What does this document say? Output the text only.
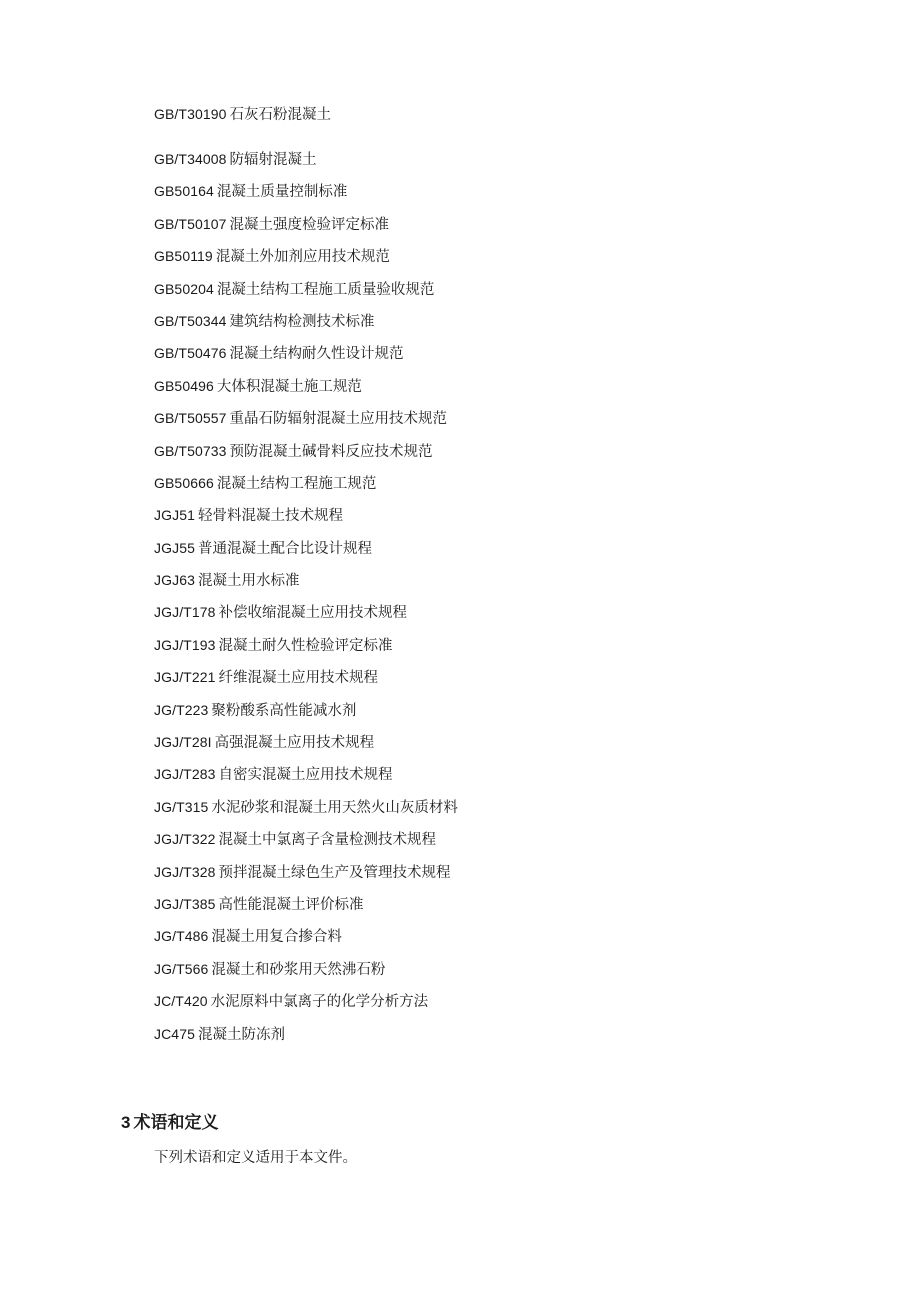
GB/T30190 石灰石粉混凝土
GB/T34008 防辐射混凝土
GB50164 混凝土质量控制标准
GB/T50107 混凝土强度检验评定标准
GB50119 混凝土外加剂应用技术规范
GB50204 混凝土结构工程施工质量验收规范
GB/T50344 建筑结构检测技术标准
GB/T50476 混凝土结构耐久性设计规范
GB50496 大体积混凝土施工规范
GB/T50557 重晶石防辐射混凝土应用技术规范
GB/T50733 预防混凝土碱骨料反应技术规范
GB50666 混凝土结构工程施工规范
JGJ51 轻骨料混凝土技术规程
JGJ55 普通混凝土配合比设计规程
JGJ63 混凝土用水标准
JGJ/T178 补偿收缩混凝土应用技术规程
JGJ/T193 混凝土耐久性检验评定标准
JGJ/T221 纤维混凝土应用技术规程
JG/T223 聚粉酸系高性能减水剂
JGJ/T28I 高强混凝土应用技术规程
JGJ/T283 自密实混凝土应用技术规程
JG/T315 水泥砂浆和混凝土用天然火山灰质材料
JGJ/T322 混凝土中氯离子含量检测技术规程
JGJ/T328 预拌混凝土绿色生产及管理技术规程
JGJ/T385 高性能混凝土评价标准
JG/T486 混凝土用复合掺合料
JG/T566 混凝土和砂浆用天然沸石粉
JC/T420 水泥原料中氯离子的化学分析方法
JC475 混凝土防冻剂
3 术语和定义

下列术语和定义适用于本文件。
